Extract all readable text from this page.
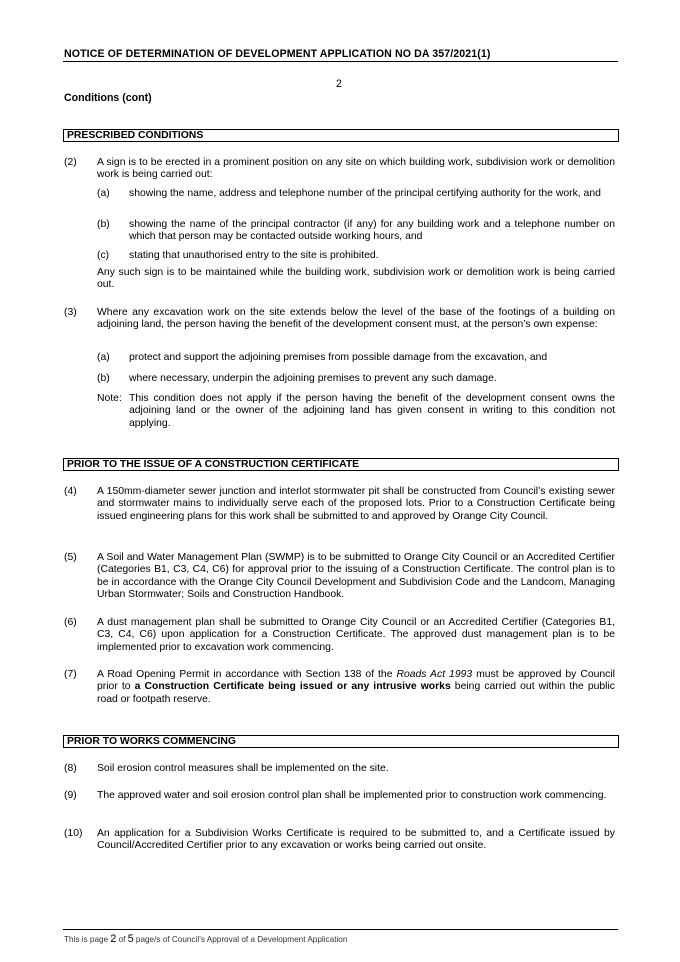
NOTICE OF DETERMINATION OF DEVELOPMENT APPLICATION NO DA 357/2021(1)
2
Conditions (cont)
PRESCRIBED CONDITIONS
(2) A sign is to be erected in a prominent position on any site on which building work, subdivision work or demolition work is being carried out:

(a) showing the name, address and telephone number of the principal certifying authority for the work, and

(b) showing the name of the principal contractor (if any) for any building work and a telephone number on which that person may be contacted outside working hours, and

(c) stating that unauthorised entry to the site is prohibited.

Any such sign is to be maintained while the building work, subdivision work or demolition work is being carried out.

(3) Where any excavation work on the site extends below the level of the base of the footings of a building on adjoining land, the person having the benefit of the development consent must, at the person’s own expense:

(a) protect and support the adjoining premises from possible damage from the excavation, and

(b) where necessary, underpin the adjoining premises to prevent any such damage.

Note: This condition does not apply if the person having the benefit of the development consent owns the adjoining land or the owner of the adjoining land has given consent in writing to this condition not applying.

PRIOR TO THE ISSUE OF A CONSTRUCTION CERTIFICATE
(4) A 150mm-diameter sewer junction and interlot stormwater pit shall be constructed from Council’s existing sewer and stormwater mains to individually serve each of the proposed lots. Prior to a Construction Certificate being issued engineering plans for this work shall be submitted to and approved by Orange City Council.

(5) A Soil and Water Management Plan (SWMP) is to be submitted to Orange City Council or an Accredited Certifier (Categories B1, C3, C4, C6) for approval prior to the issuing of a Construction Certificate. The control plan is to be in accordance with the Orange City Council Development and Subdivision Code and the Landcom, Managing Urban Stormwater; Soils and Construction Handbook.

(6) A dust management plan shall be submitted to Orange City Council or an Accredited Certifier (Categories B1, C3, C4, C6) upon application for a Construction Certificate. The approved dust management plan is to be implemented prior to excavation work commencing.

(7) A Road Opening Permit in accordance with Section 138 of the Roads Act 1993 must be approved by Council prior to a Construction Certificate being issued or any intrusive works being carried out within the public road or footpath reserve.

PRIOR TO WORKS COMMENCING
(8) Soil erosion control measures shall be implemented on the site.

(9) The approved water and soil erosion control plan shall be implemented prior to construction work commencing.

(10) An application for a Subdivision Works Certificate is required to be submitted to, and a Certificate issued by Council/Accredited Certifier prior to any excavation or works being carried out onsite.

This is page 2 of 5 page/s of Council’s Approval of a Development Application
